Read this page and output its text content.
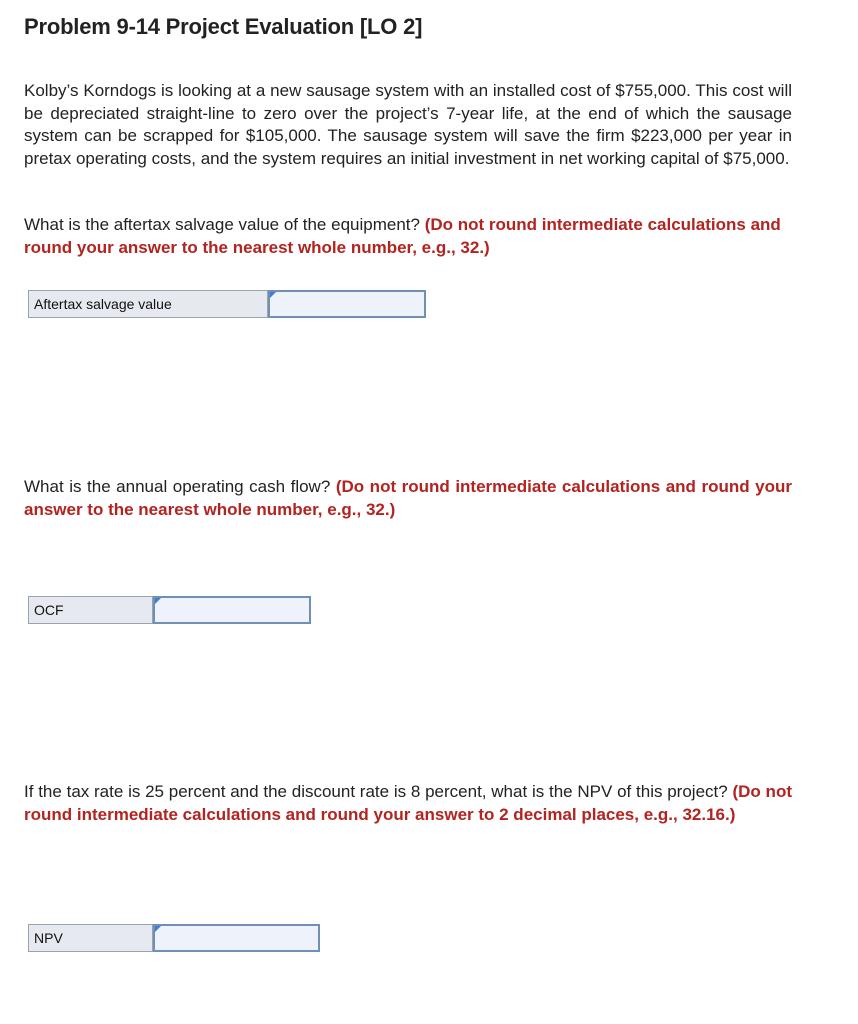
Problem 9-14 Project Evaluation [LO 2]
Kolby’s Korndogs is looking at a new sausage system with an installed cost of $755,000. This cost will be depreciated straight-line to zero over the project’s 7-year life, at the end of which the sausage system can be scrapped for $105,000. The sausage system will save the firm $223,000 per year in pretax operating costs, and the system requires an initial investment in net working capital of $75,000.
What is the aftertax salvage value of the equipment? (Do not round intermediate calculations and round your answer to the nearest whole number, e.g., 32.)
Aftertax salvage value
What is the annual operating cash flow? (Do not round intermediate calculations and round your answer to the nearest whole number, e.g., 32.)
OCF
If the tax rate is 25 percent and the discount rate is 8 percent, what is the NPV of this project? (Do not round intermediate calculations and round your answer to 2 decimal places, e.g., 32.16.)
NPV
